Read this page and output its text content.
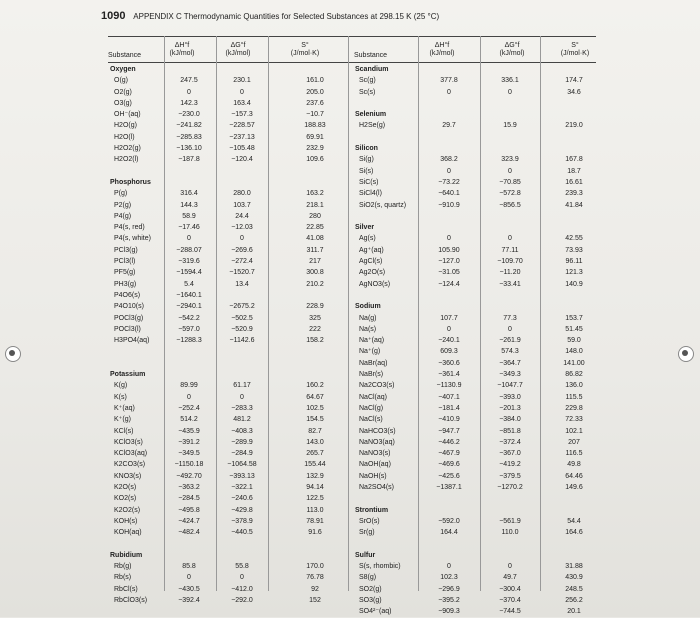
1090 APPENDIX C Thermodynamic Quantities for Selected Substances at 298.15 K (25 °C)
Substance
ΔH°f
(kJ/mol)
ΔG°f
(kJ/mol)
S°
(J/mol·K)	Substance
ΔH°f
(kJ/mol)
ΔG°f
(kJ/mol)
S°
(J/mol·K)
Oxygen
O(g)
O2(g)
O3(g)
OH⁻(aq)
H2O(g)
H2O(l)
H2O2(g)
H2O2(l)
Phosphorus
P(g)
P2(g)
P4(g)
P4(s, red)
P4(s, white)
PCl3(g)
PCl3(l)
PF5(g)
PH3(g)
P4O6(s)
P4O10(s)
POCl3(g)
POCl3(l)
H3PO4(aq)
Potassium
K(g)
K(s)
K⁺(aq)
K⁺(g)
KCl(s)
KClO3(s)
KClO3(aq)
K2CO3(s)
KNO3(s)
K2O(s)
KO2(s)
K2O2(s)
KOH(s)
KOH(aq)
Rubidium
Rb(g)
Rb(s)
RbCl(s)
RbClO3(s)
247.5
0
142.3
−230.0
−241.82
−285.83
−136.10
−187.8
316.4
144.3
58.9
−17.46
0
−288.07
−319.6
−1594.4
5.4
−1640.1
−2940.1
−542.2
−597.0
−1288.3
89.99
0
−252.4
514.2
−435.9
−391.2
−349.5
−1150.18
−492.70
−363.2
−284.5
−495.8
−424.7
−482.4
85.8
0
−430.5
−392.4
230.1
0
163.4
−157.3
−228.57
−237.13
−105.48
−120.4
280.0
103.7
24.4
−12.03
0
−269.6
−272.4
−1520.7
13.4
−2675.2
−502.5
−520.9
−1142.6
61.17
0
−283.3
481.2
−408.3
−289.9
−284.9
−1064.58
−393.13
−322.1
−240.6
−429.8
−378.9
−440.5
55.8
0
−412.0
−292.0
161.0
205.0
237.6
−10.7
188.83
69.91
232.9
109.6
163.2
218.1
280
22.85
41.08
311.7
217
300.8
210.2
228.9
325
222
158.2
160.2
64.67
102.5
154.5
82.7
143.0
265.7
155.44
132.9
94.14
122.5
113.0
78.91
91.6
170.0
76.78
92
152
Scandium
Sc(g)
Sc(s)
Selenium
H2Se(g)
Silicon
Si(g)
Si(s)
SiC(s)
SiCl4(l)
SiO2(s, quartz)
Silver
Ag(s)
Ag⁺(aq)
AgCl(s)
Ag2O(s)
AgNO3(s)
Sodium
Na(g)
Na(s)
Na⁺(aq)
Na⁺(g)
NaBr(aq)
NaBr(s)
Na2CO3(s)
NaCl(aq)
NaCl(g)
NaCl(s)
NaHCO3(s)
NaNO3(aq)
NaNO3(s)
NaOH(aq)
NaOH(s)
Na2SO4(s)
Strontium
SrO(s)
Sr(g)
Sulfur
S(s, rhombic)
S8(g)
SO2(g)
SO3(g)
SO4²⁻(aq)
377.8
0
29.7
368.2
0
−73.22
−640.1
−910.9
0
105.90
−127.0
−31.05
−124.4
107.7
0
−240.1
609.3
−360.6
−361.4
−1130.9
−407.1
−181.4
−410.9
−947.7
−446.2
−467.9
−469.6
−425.6
−1387.1
−592.0
164.4
0
102.3
−296.9
−395.2
−909.3
336.1
0
15.9
323.9
0
−70.85
−572.8
−856.5
0
77.11
−109.70
−11.20
−33.41
77.3
0
−261.9
574.3
−364.7
−349.3
−1047.7
−393.0
−201.3
−384.0
−851.8
−372.4
−367.0
−419.2
−379.5
−1270.2
−561.9
110.0
0
49.7
−300.4
−370.4
−744.5
174.7
34.6
219.0
167.8
18.7
16.61
239.3
41.84
42.55
73.93
96.11
121.3
140.9
153.7
51.45
59.0
148.0
141.00
86.82
136.0
115.5
229.8
72.33
102.1
207
116.5
49.8
64.46
149.6
54.4
164.6
31.88
430.9
248.5
256.2
20.1
